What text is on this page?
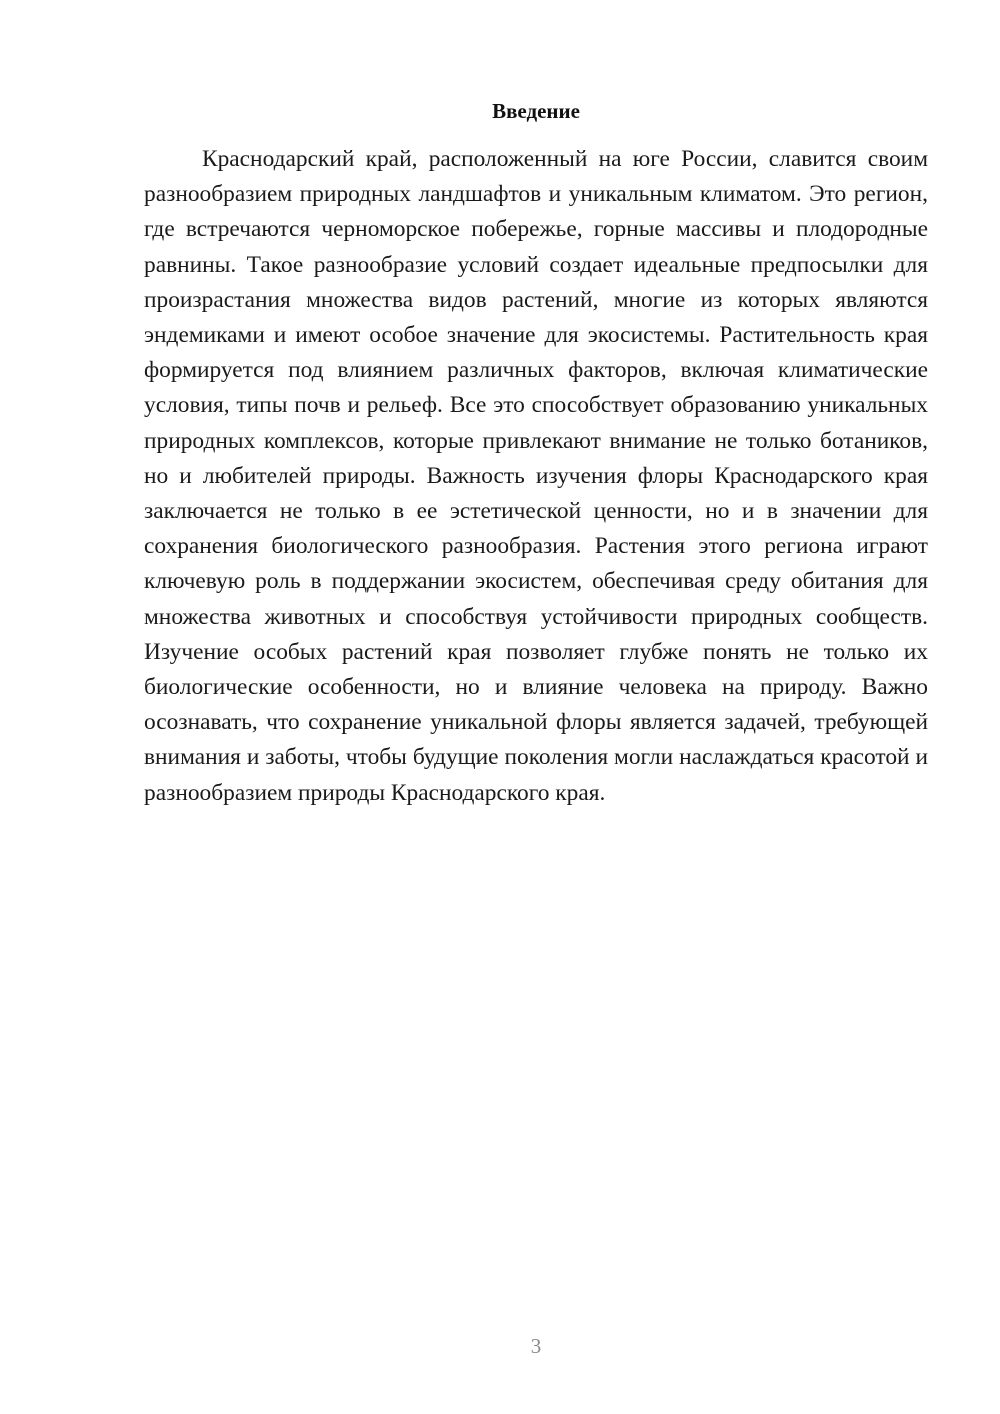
Введение

Краснодарский край, расположенный на юге России, славится своим разнообразием природных ландшафтов и уникальным климатом. Это регион, где встречаются черноморское побережье, горные массивы и плодородные равнины. Такое разнообразие условий создает идеальные предпосылки для произрастания множества видов растений, многие из которых являются эндемиками и имеют особое значение для экосистемы. Растительность края формируется под влиянием различных факторов, включая климатические условия, типы почв и рельеф. Все это способствует образованию уникальных природных комплексов, которые привлекают внимание не только ботаников, но и любителей природы. Важность изучения флоры Краснодарского края заключается не только в ее эстетической ценности, но и в значении для сохранения биологического разнообразия. Растения этого региона играют ключевую роль в поддержании экосистем, обеспечивая среду обитания для множества животных и способствуя устойчивости природных сообществ. Изучение особых растений края позволяет глубже понять не только их биологические особенности, но и влияние человека на природу. Важно осознавать, что сохранение уникальной флоры является задачей, требующей внимания и заботы, чтобы будущие поколения могли наслаждаться красотой и разнообразием природы Краснодарского края.

3
